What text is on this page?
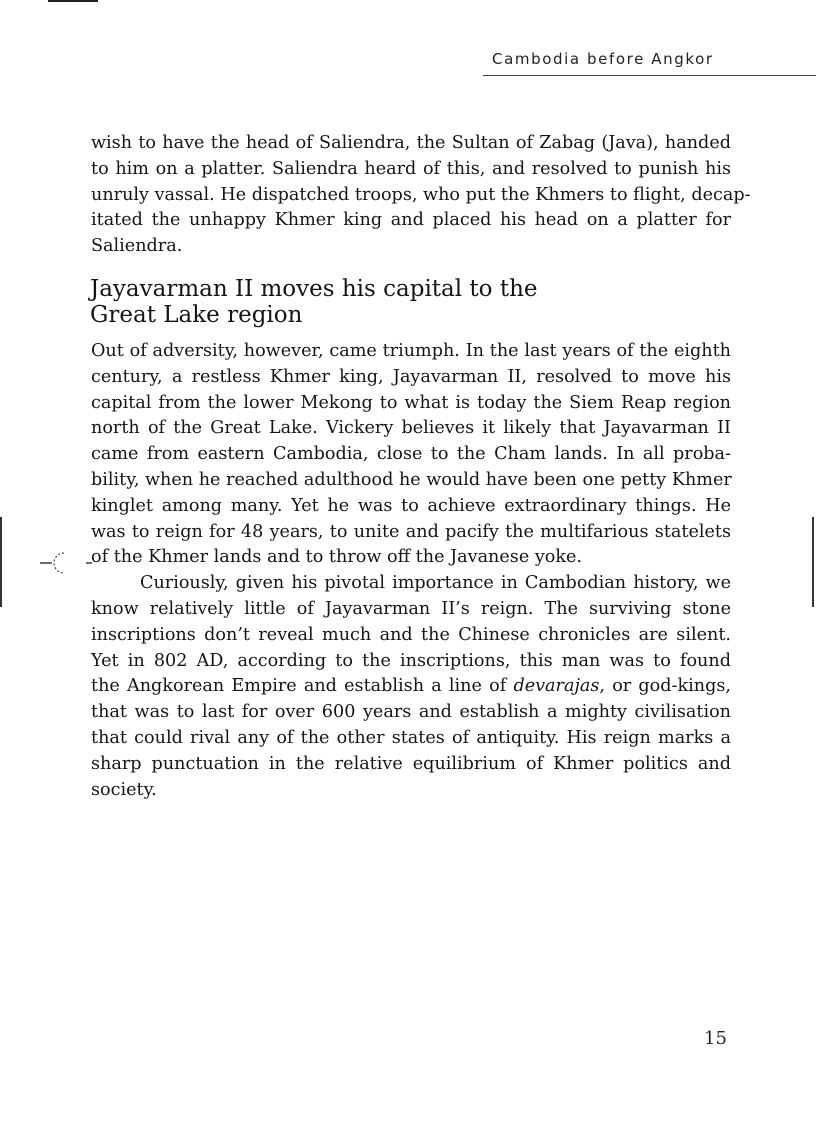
Cambodia before Angkor
wish to have the head of Saliendra, the Sultan of Zabag (Java), handed
to him on a platter. Saliendra heard of this, and resolved to punish his
unruly vassal. He dispatched troops, who put the Khmers to flight, decap-
itated the unhappy Khmer king and placed his head on a platter for
Saliendra.
Jayavarman II moves his capital to the
Great Lake region
Out of adversity, however, came triumph. In the last years of the eighth
century, a restless Khmer king, Jayavarman II, resolved to move his
capital from the lower Mekong to what is today the Siem Reap region
north of the Great Lake. Vickery believes it likely that Jayavarman II
came from eastern Cambodia, close to the Cham lands. In all proba-
bility, when he reached adulthood he would have been one petty Khmer
kinglet among many. Yet he was to achieve extraordinary things. He
was to reign for 48 years, to unite and pacify the multifarious statelets
of the Khmer lands and to throw off the Javanese yoke.
Curiously, given his pivotal importance in Cambodian history, we
know relatively little of Jayavarman II’s reign. The surviving stone
inscriptions don’t reveal much and the Chinese chronicles are silent.
Yet in 802 AD, according to the inscriptions, this man was to found
the Angkorean Empire and establish a line of devarajas, or god-kings,
that was to last for over 600 years and establish a mighty civilisation
that could rival any of the other states of antiquity. His reign marks a
sharp punctuation in the relative equilibrium of Khmer politics and
society.
15
